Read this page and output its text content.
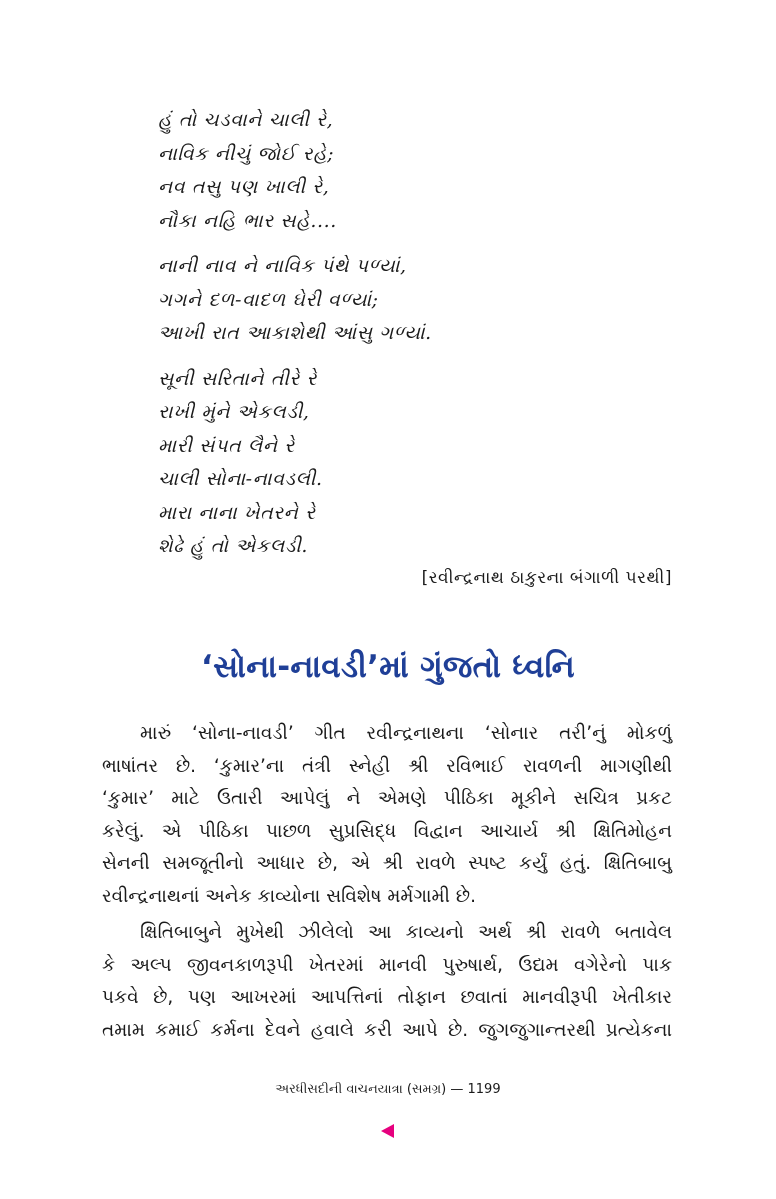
હું તો ચડવાને ચાલી રે,
નાવિક નીચું જોઈ રહે;
નવ તસુ પણ ખાલી રે,
નૌકા નહિ ભાર સહે....
નાની નાવ ને નાવિક પંથે પળ્યાં,
ગગને દળ-વાદળ ઘેરી વળ્યાં;
આખી રાત આકાશેથી આંસુ ગળ્યાં.
સૂની સરિતાને તીરે રે
રાખી મુંને એકલડી,
મારી સંપત લૈને રે
ચાલી સોના-નાવડલી.
મારા નાના ખેતરને રે
શેઢે હું તો એકલડી.
[રવીન્દ્રનાથ ઠાકુરના બંગાળી પરથી]
‘સોના-નાવડી’માં ગુંજતો ધ્વનિ

મારું ‘સોના-નાવડી’ ગીત રવીન્દ્રનાથના ‘સોનાર તરી’નું મોકળું
ભાષાંતર છે. ‘કુમાર’ના તંત્રી સ્નેહી શ્રી રવિભાઈ રાવળની માગણીથી
‘કુમાર’ માટે ઉતારી આપેલું ને એમણે પીઠિકા મૂકીને સચિત્ર પ્રકટ
કરેલું. એ પીઠિકા પાછળ સુપ્રસિદ્ધ વિદ્વાન આચાર્ય શ્રી ક્ષિતિમોહન
સેનની સમજૂતીનો આધાર છે, એ શ્રી રાવળે સ્પષ્ટ કર્યું હતું. ક્ષિતિબાબુ
રવીન્દ્રનાથનાં અનેક કાવ્યોના સવિશેષ મર્મગામી છે.

ક્ષિતિબાબુને મુખેથી ઝીલેલો આ કાવ્યનો અર્થ શ્રી રાવળે બતાવેલ
કે અલ્પ જીવનકાળરૂપી ખેતરમાં માનવી પુરુષાર્થ, ઉદ્યમ વગેરેનો પાક
પકવે છે, પણ આખરમાં આપત્તિનાં તોફાન છવાતાં માનવીરૂપી ખેતીકાર
તમામ કમાઈ કર્મના દેવને હવાલે કરી આપે છે. જુગજુગાન્તરથી પ્રત્યેકના

અરધીસદીની વાચનયાત્રા (સમગ્ર) — 1199
